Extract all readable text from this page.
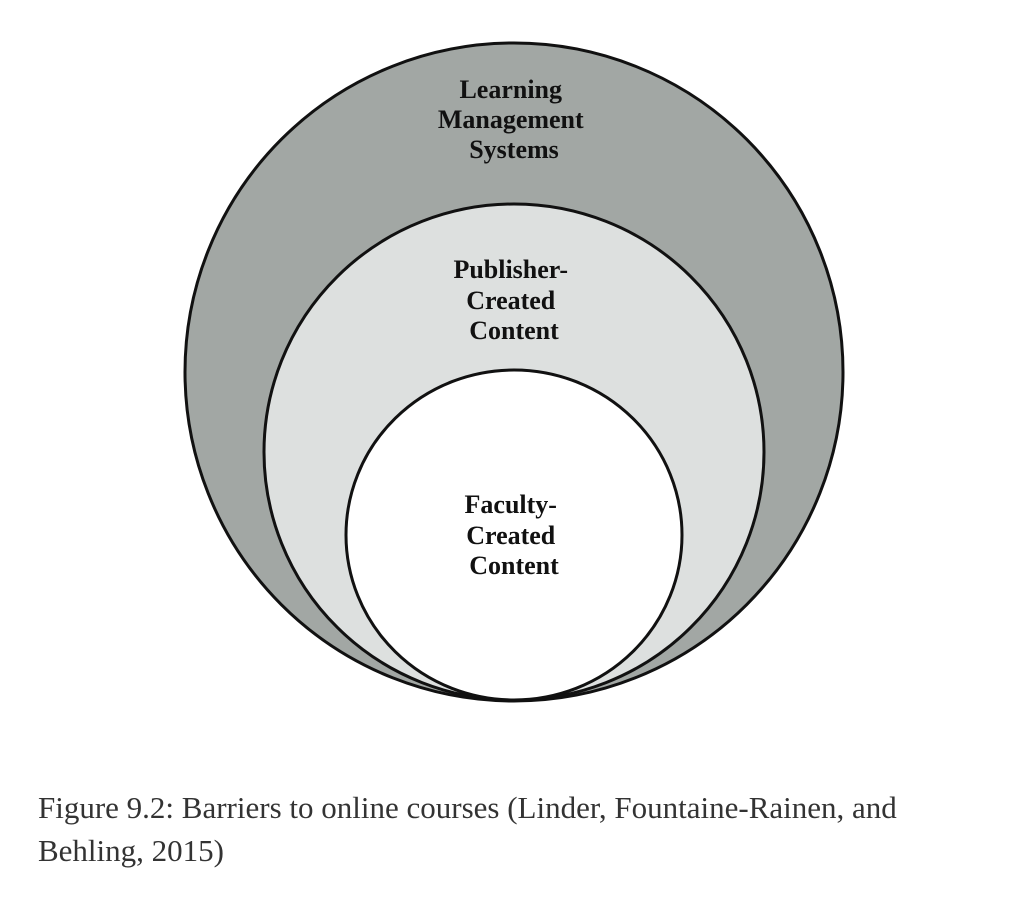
Learning Management Systems
Publisher- Created Content
Faculty- Created Content

Figure 9.2: Barriers to online courses (Linder, Fountaine-Rainen, and Behling, 2015)
